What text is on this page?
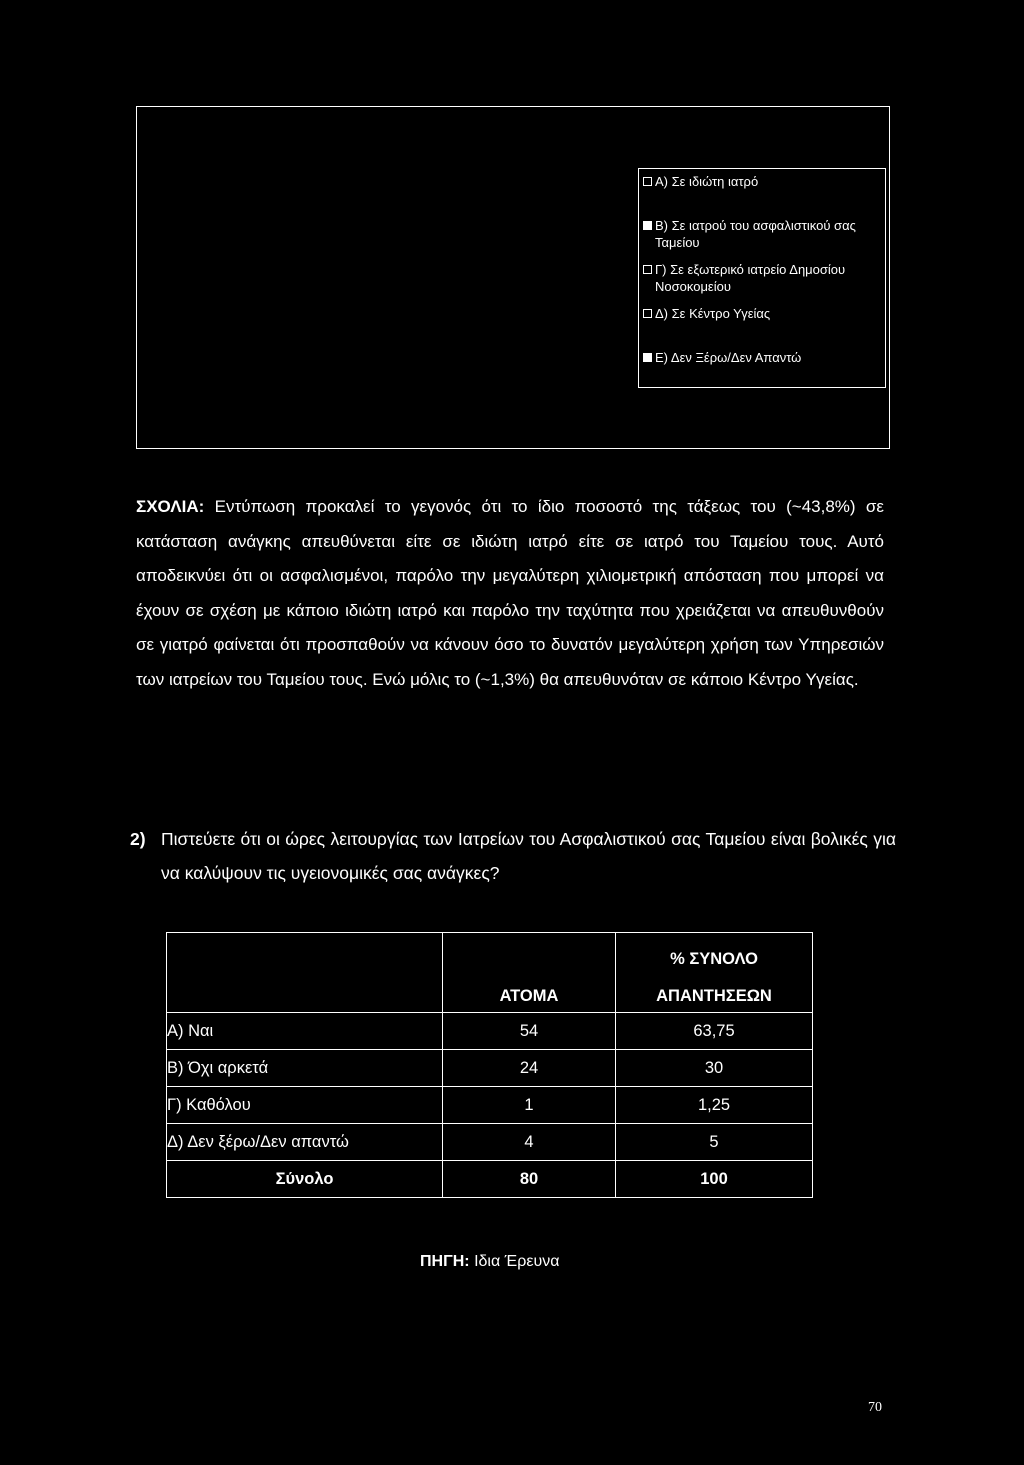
Α) Σε ιδιώτη ιατρό
Β) Σε ιατρού του ασφαλιστικού σας Ταμείου
Γ) Σε εξωτερικό ιατρείο Δημοσίου Νοσοκομείου
Δ) Σε Κέντρο Υγείας
Ε) Δεν Ξέρω/Δεν Απαντώ
ΣΧΟΛΙΑ: Εντύπωση προκαλεί το γεγονός ότι το ίδιο ποσοστό της τάξεως του (~43,8%) σε κατάσταση ανάγκης απευθύνεται είτε σε ιδιώτη ιατρό είτε σε ιατρό του Ταμείου τους. Αυτό αποδεικνύει ότι οι ασφαλισμένοι, παρόλο την μεγαλύτερη χιλιομετρική απόσταση που μπορεί να έχουν σε σχέση με κάποιο ιδιώτη ιατρό και παρόλο την ταχύτητα που χρειάζεται να απευθυνθούν σε γιατρό φαίνεται ότι προσπαθούν να κάνουν όσο το δυνατόν μεγαλύτερη χρήση των Υπηρεσιών των ιατρείων του Ταμείου τους. Ενώ μόλις το (~1,3%) θα απευθυνόταν σε κάποιο Κέντρο Υγείας.
2) Πιστεύετε ότι οι ώρες λειτουργίας των Ιατρείων του Ασφαλιστικού σας Ταμείου είναι βολικές για να καλύψουν τις υγειονομικές σας ανάγκες?
	ΑΤΟΜΑ	% ΣΥΝΟΛΟ
ΑΠΑΝΤΗΣΕΩΝ

Α) Ναι	54	63,75
Β) Όχι αρκετά	24	30
Γ) Καθόλου	1	1,25
Δ) Δεν ξέρω/Δεν απαντώ	4	5
Σύνολο	80	100
ΠΗΓΗ: Ιδια Έρευνα
70
